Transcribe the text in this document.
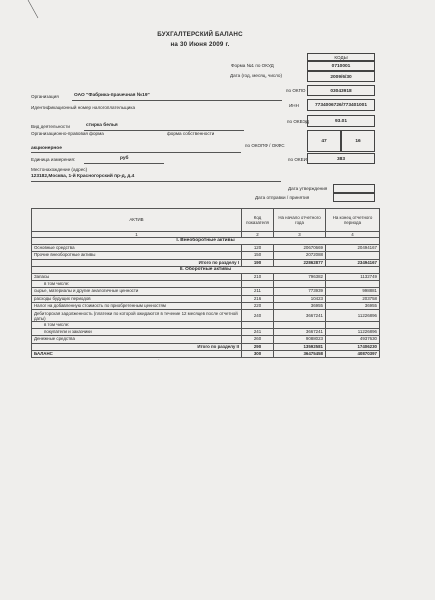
БУХГАЛТЕРСКИЙ БАЛАНС
на 30 Июня 2009 г.
КОДЫ
Форма №1 по ОКУД	0710001
Дата (год, месяц, число)	2009/6/30
по ОКПО	03043918
ИНН	7734006726/773401001
по ОКВЭД	93.01
по ОКОПФ / ОКФС
47	16
по ОКЕИ	383
Организация	ОАО "Фабрика-прачечная №19"
Идентификационный номер налогоплательщика
Вид деятельности	стирка белья
Организационно-правовая форма	форма собственности
акционерное
Единица измерения:	руб
Местонахождение (адрес)
123182,Москва, 1-й Красногорский пр-д, д.4
Дата утверждения
Дата отправки / принятия
АКТИВ	Код показателя	На начало отчетного года	На конец отчетного периода
1	2	3	4
I. Внеоборотные активы			
Основные средства	120	20670669	20494167
Прочие внеоборотные активы	150	2072088	
Итого по разделу I	190	22862877	23494167
II. Оборотные активы			
Запасы	210	796382	1132749
в том числе:			
сырье, материалы и другие аналогичные ценности	211	773939	998881
расходы будущих периодов	216	10423	203758
Налог на добавленную стоимость по приобретенным ценностям	220	36955	36955
Дебиторская задолженность (платежи по которой ожидаются в течение 12 месяцев после отчетной даты)	240	3667241	11226896
в том числе:			
покупатели и заказчики	241	3667241	11226896
Денежные средства	260	9088023	4937630
Итого по разделу II	290	13592581	17406230
БАЛАНС	300	36475458	40870397
·
